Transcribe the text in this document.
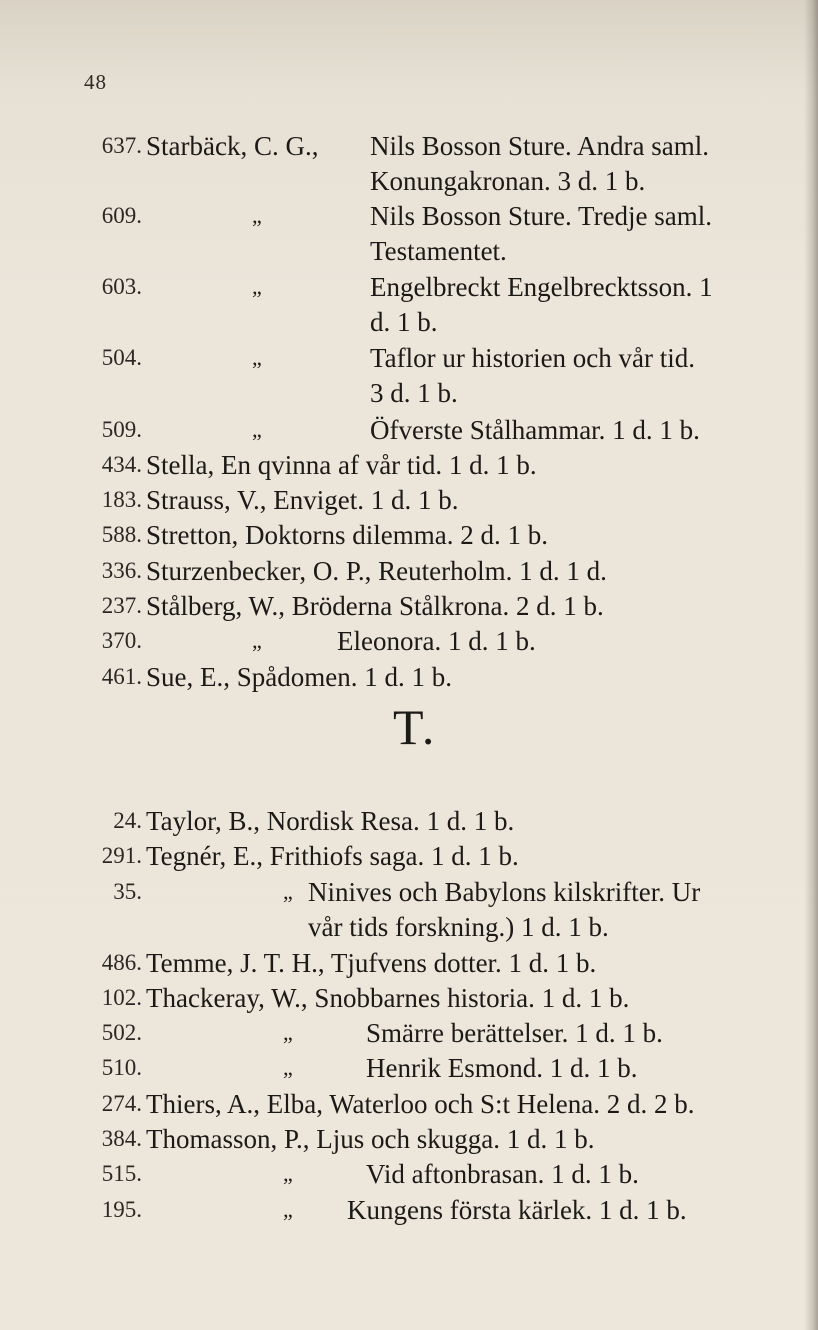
48
637. Starbäck, C. G., Nils Bosson Sture. Andra saml.
Konungakronan. 3 d. 1 b.
609.	„	Nils Bosson Sture. Tredje saml.
Testamentet.
603.	„	Engelbreckt Engelbrecktsson. 1
d. 1 b.
504.	„	Taflor ur historien och vår tid.
3 d. 1 b.
509.	„	Öfverste Stålhammar. 1 d. 1 b.
434. Stella, En qvinna af vår tid. 1 d. 1 b.
183. Strauss, V., Enviget. 1 d. 1 b.
588. Stretton, Doktorns dilemma. 2 d. 1 b.
336. Sturzenbecker, O. P., Reuterholm. 1 d. 1 d.
237. Stålberg, W., Bröderna Stålkrona. 2 d. 1 b.
370.	„	Eleonora. 1 d. 1 b.
461. Sue, E., Spådomen. 1 d. 1 b.
T.
24. Taylor, B., Nordisk Resa. 1 d. 1 b.
291. Tegnér, E., Frithiofs saga. 1 d. 1 b.
35.	„ Ninives och Babylons kilskrifter. Ur
vår tids forskning.) 1 d. 1 b.
486. Temme, J. T. H., Tjufvens dotter. 1 d. 1 b.
102. Thackeray, W., Snobbarnes historia. 1 d. 1 b.
502.	„	Smärre berättelser. 1 d. 1 b.
510.	„	Henrik Esmond. 1 d. 1 b.
274. Thiers, A., Elba, Waterloo och S:t Helena. 2 d. 2 b.
384. Thomasson, P., Ljus och skugga. 1 d. 1 b.
515.	„	Vid aftonbrasan. 1 d. 1 b.
195.	„ Kungens första kärlek. 1 d. 1 b.
